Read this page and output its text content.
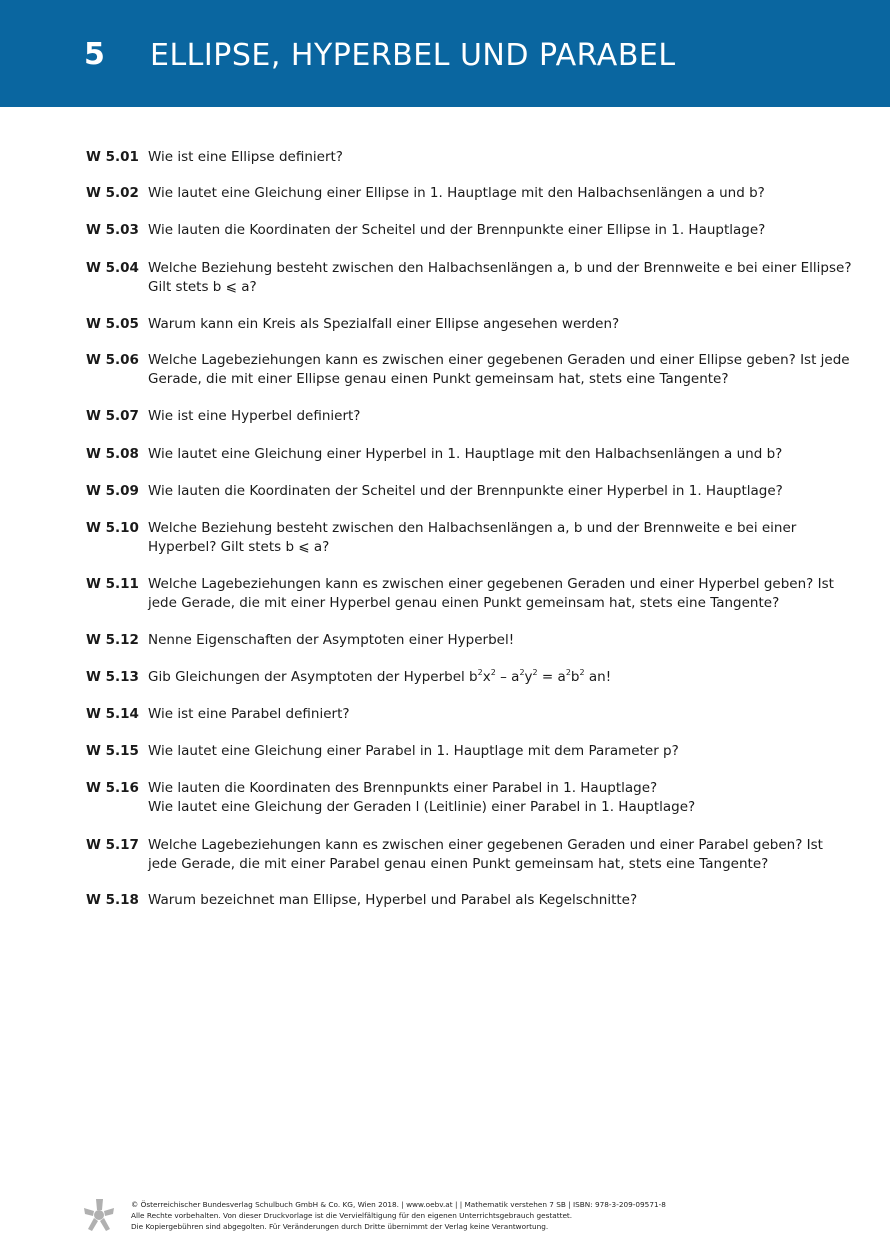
5 ELLIPSE, HYPERBEL UND PARABEL
W 5.01 Wie ist eine Ellipse definiert?
W 5.02 Wie lautet eine Gleichung einer Ellipse in 1. Hauptlage mit den Halbachsenlängen a und b?
W 5.03 Wie lauten die Koordinaten der Scheitel und der Brennpunkte einer Ellipse in 1. Hauptlage?
W 5.04 Welche Beziehung besteht zwischen den Halbachsenlängen a, b und der Brennweite e bei einer Ellipse?
Gilt stets b ⩽ a?
W 5.05 Warum kann ein Kreis als Spezialfall einer Ellipse angesehen werden?
W 5.06 Welche Lagebeziehungen kann es zwischen einer gegebenen Geraden und einer Ellipse geben? Ist jede
Gerade, die mit einer Ellipse genau einen Punkt gemeinsam hat, stets eine Tangente?
W 5.07 Wie ist eine Hyperbel definiert?
W 5.08 Wie lautet eine Gleichung einer Hyperbel in 1. Hauptlage mit den Halbachsenlängen a und b?
W 5.09 Wie lauten die Koordinaten der Scheitel und der Brennpunkte einer Hyperbel in 1. Hauptlage?
W 5.10 Welche Beziehung besteht zwischen den Halbachsenlängen a, b und der Brennweite e bei einer
Hyperbel? Gilt stets b ⩽ a?
W 5.11 Welche Lagebeziehungen kann es zwischen einer gegebenen Geraden und einer Hyperbel geben? Ist
jede Gerade, die mit einer Hyperbel genau einen Punkt gemeinsam hat, stets eine Tangente?
W 5.12 Nenne Eigenschaften der Asymptoten einer Hyperbel!
W 5.13 Gib Gleichungen der Asymptoten der Hyperbel $b^2x^2 - a^2y^2 = a^2b^2$ an!
W 5.14 Wie ist eine Parabel definiert?
W 5.15 Wie lautet eine Gleichung einer Parabel in 1. Hauptlage mit dem Parameter p?
W 5.16 Wie lauten die Koordinaten des Brennpunkts einer Parabel in 1. Hauptlage?
Wie lautet eine Gleichung der Geraden l (Leitlinie) einer Parabel in 1. Hauptlage?
W 5.17 Welche Lagebeziehungen kann es zwischen einer gegebenen Geraden und einer Parabel geben? Ist
jede Gerade, die mit einer Parabel genau einen Punkt gemeinsam hat, stets eine Tangente?
W 5.18 Warum bezeichnet man Ellipse, Hyperbel und Parabel als Kegelschnitte?
© Österreichischer Bundesverlag Schulbuch GmbH & Co. KG, Wien 2018. | www.oebv.at | | Mathematik verstehen 7 SB | ISBN: 978-3-209-09571-8
Alle Rechte vorbehalten. Von dieser Druckvorlage ist die Vervielfältigung für den eigenen Unterrichtsgebrauch gestattet.
Die Kopiergebühren sind abgegolten. Für Veränderungen durch Dritte übernimmt der Verlag keine Verantwortung.
